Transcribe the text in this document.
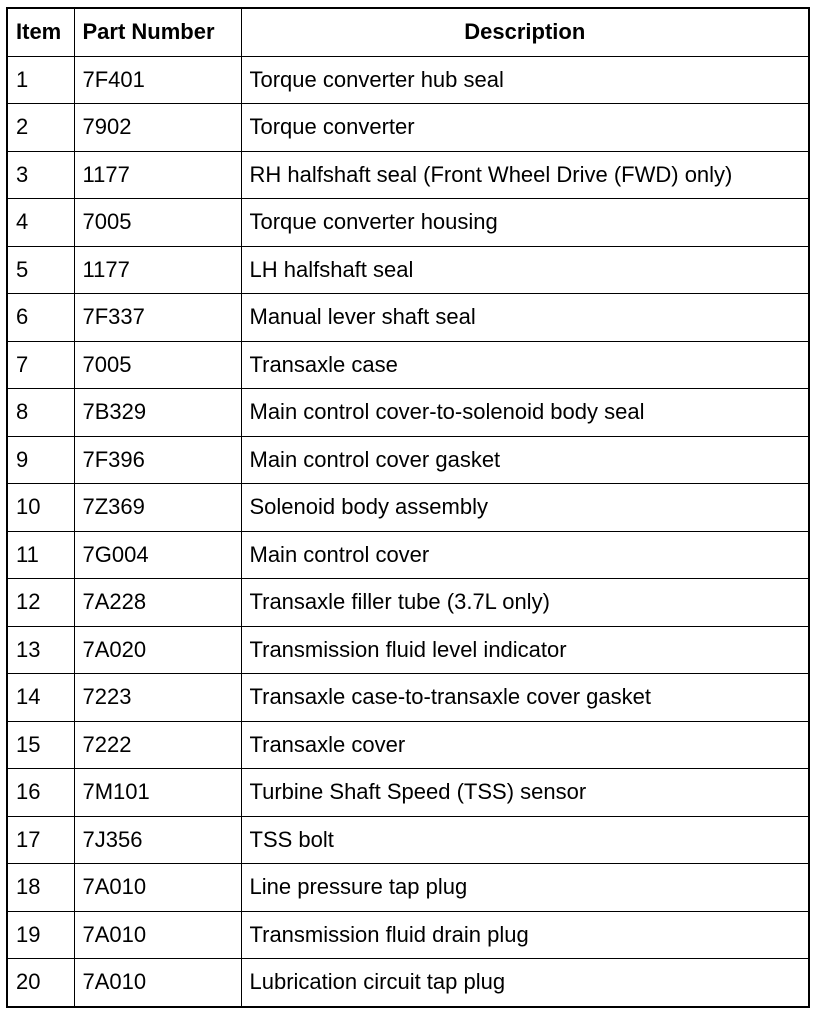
Item	Part Number	Description
1	7F401	Torque converter hub seal
2	7902	Torque converter
3	1177	RH halfshaft seal (Front Wheel Drive (FWD) only)
4	7005	Torque converter housing
5	1177	LH halfshaft seal
6	7F337	Manual lever shaft seal
7	7005	Transaxle case
8	7B329	Main control cover-to-solenoid body seal
9	7F396	Main control cover gasket
10	7Z369	Solenoid body assembly
11	7G004	Main control cover
12	7A228	Transaxle filler tube (3.7L only)
13	7A020	Transmission fluid level indicator
14	7223	Transaxle case-to-transaxle cover gasket
15	7222	Transaxle cover
16	7M101	Turbine Shaft Speed (TSS) sensor
17	7J356	TSS bolt
18	7A010	Line pressure tap plug
19	7A010	Transmission fluid drain plug
20	7A010	Lubrication circuit tap plug
